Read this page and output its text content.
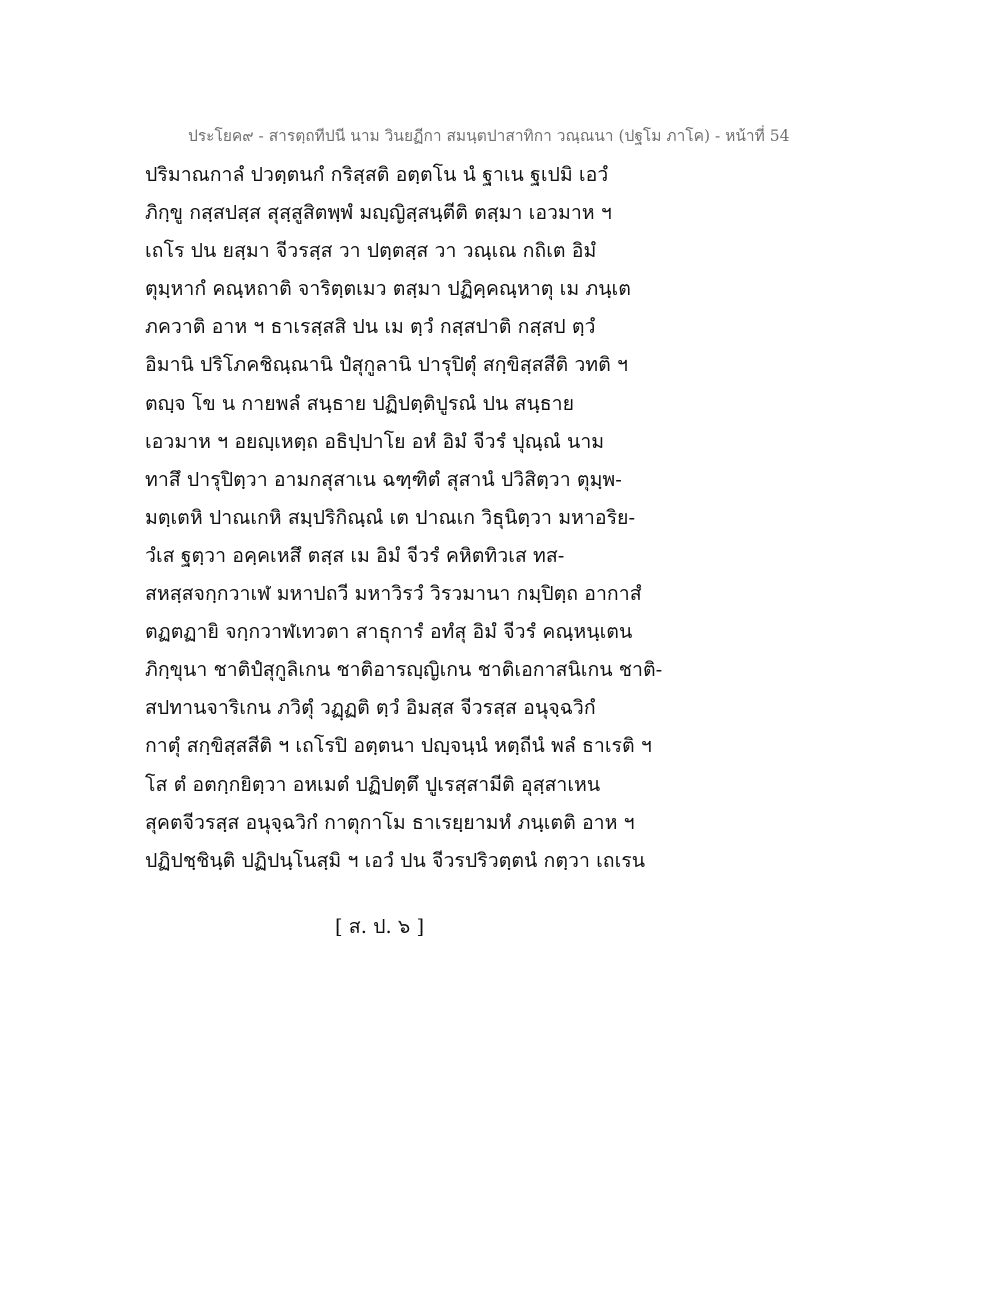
ประโยค๙ - สารตฺถทีปนี นาม วินยฏีกา สมนฺตปาสาทิกา วณฺณนา (ปฐโม ภาโค) - หน้าที่ 54
ปริมาณกาลํ ปวตฺตนกํ กริสฺสติ อตฺตโน นํ ฐาเน ฐเปมิ เอวํ
ภิกฺขู กสฺสปสฺส สุสฺสูสิตพฺพํ มญฺญิสฺสนฺตีติ ตสฺมา เอวมาห ฯ
เถโร ปน ยสฺมา จีวรสฺส วา ปตฺตสฺส วา วณฺเณ กถิเต อิมํ
ตุมฺหากํ คณฺหถาติ จาริตฺตเมว ตสฺมา ปฏิคฺคณฺหาตุ เม ภนฺเต
ภควาติ อาห ฯ ธาเรสฺสสิ ปน เม ตฺวํ กสฺสปาติ กสฺสป ตฺวํ
อิมานิ ปริโภคชิณฺณานิ ปํสุกูลานิ ปารุปิตุํ สกฺขิสฺสสีติ วทติ ฯ
ตญฺจ โข น กายพลํ สนฺธาย ปฏิปตฺติปูรณํ ปน สนฺธาย
เอวมาห ฯ อยญฺเหตฺถ อธิปฺปาโย อหํ อิมํ จีวรํ ปุณฺณํ นาม
ทาสึ ปารุปิตฺวา อามกสุสาเน ฉฑฺฑิตํ สุสานํ ปวิสิตฺวา ตุมฺพ-
มตฺเตหิ ปาณเกหิ สมฺปริกิณฺณํ เต ปาณเก วิธุนิตฺวา มหาอริย-
วํเส ฐตฺวา อคฺคเหสึ ตสฺส เม อิมํ จีวรํ คหิตทิวเส ทส-
สหสฺสจกฺกวาเฬ มหาปถวี มหาวิรวํ วิรวมานา กมฺปิตฺถ อากาสํ
ตฏตฏายิ จกฺกวาฬเทวตา สาธุการํ อทํสุ อิมํ จีวรํ คณฺหนฺเตน
ภิกฺขุนา ชาติปํสุกูลิเกน ชาติอารญฺญิเกน ชาติเอกาสนิเกน ชาติ-
สปทานจาริเกน ภวิตุํ วฏฺฏติ ตฺวํ อิมสฺส จีวรสฺส อนุจฺฉวิกํ
กาตุํ สกฺขิสฺสสีติ ฯ เถโรปิ อตฺตนา ปญฺจนฺนํ หตฺถีนํ พลํ ธาเรติ ฯ
โส ตํ อตกฺกยิตฺวา อหเมตํ ปฏิปตฺตึ ปูเรสฺสามีติ อุสฺสาเหน
สุคตจีวรสฺส อนุจฺฉวิกํ กาตุกาโม ธาเรยฺยามหํ ภนฺเตติ อาห ฯ
ปฏิปชฺชินฺติ ปฏิปนฺโนสฺมิ ฯ เอวํ ปน จีวรปริวตฺตนํ กตฺวา เถเรน
[ ส. ป. ๖ ]
